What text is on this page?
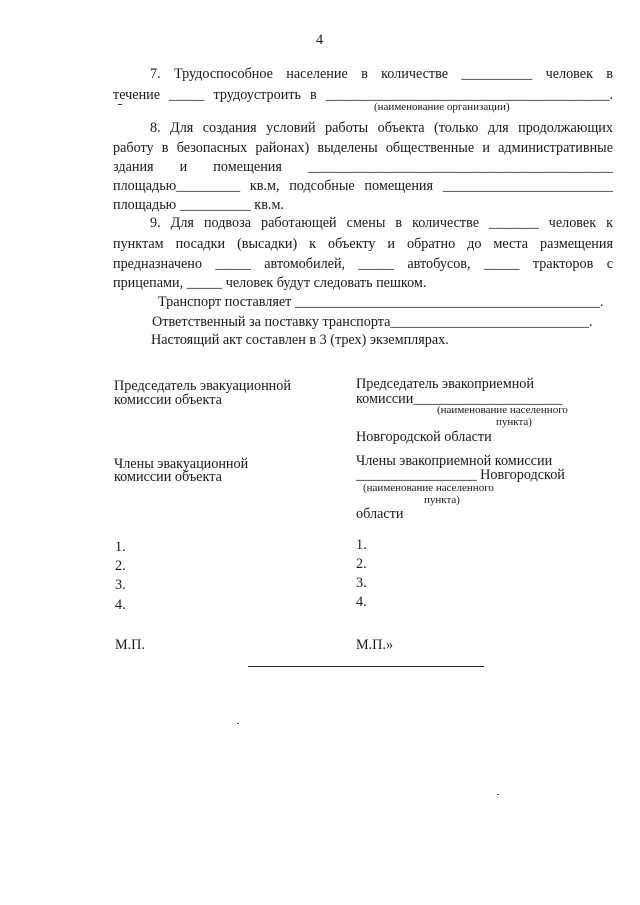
4
7. Трудоспособное население в количестве __________ человек в
течение _____ трудоустроить в ________________________________________.
(наименование организации)
8. Для создания условий работы объекта (только для продолжающих
работу в безопасных районах) выделены общественные и административные
здания и помещения ___________________________________________
площадью_________ кв.м, подсобные помещения ________________________
площадью __________ кв.м.
9. Для подвоза работающей смены в количестве _______ человек к
пунктам посадки (высадки) к объекту и обратно до места размещения
предназначено _____ автомобилей, _____ автобусов, _____ тракторов с
прицепами, _____ человек будут следовать пешком.
Транспорт поставляет ___________________________________________.
Ответственный за поставку транспорта____________________________.
Настоящий акт составлен в 3 (трех) экземплярах.
Председатель эвакуационной
комиссии объекта
Председатель эвакоприемной
комиссии_____________________
(наименование населенного
пункта)
Новгородской области
Члены эвакуационной
комиссии объекта
Члены эвакоприемной комиссии
_________________ Новгородской
(наименование населенного
пункта)
области
1.
2.
3.
4.
1.
2.
3.
4.
М.П.	М.П.»
